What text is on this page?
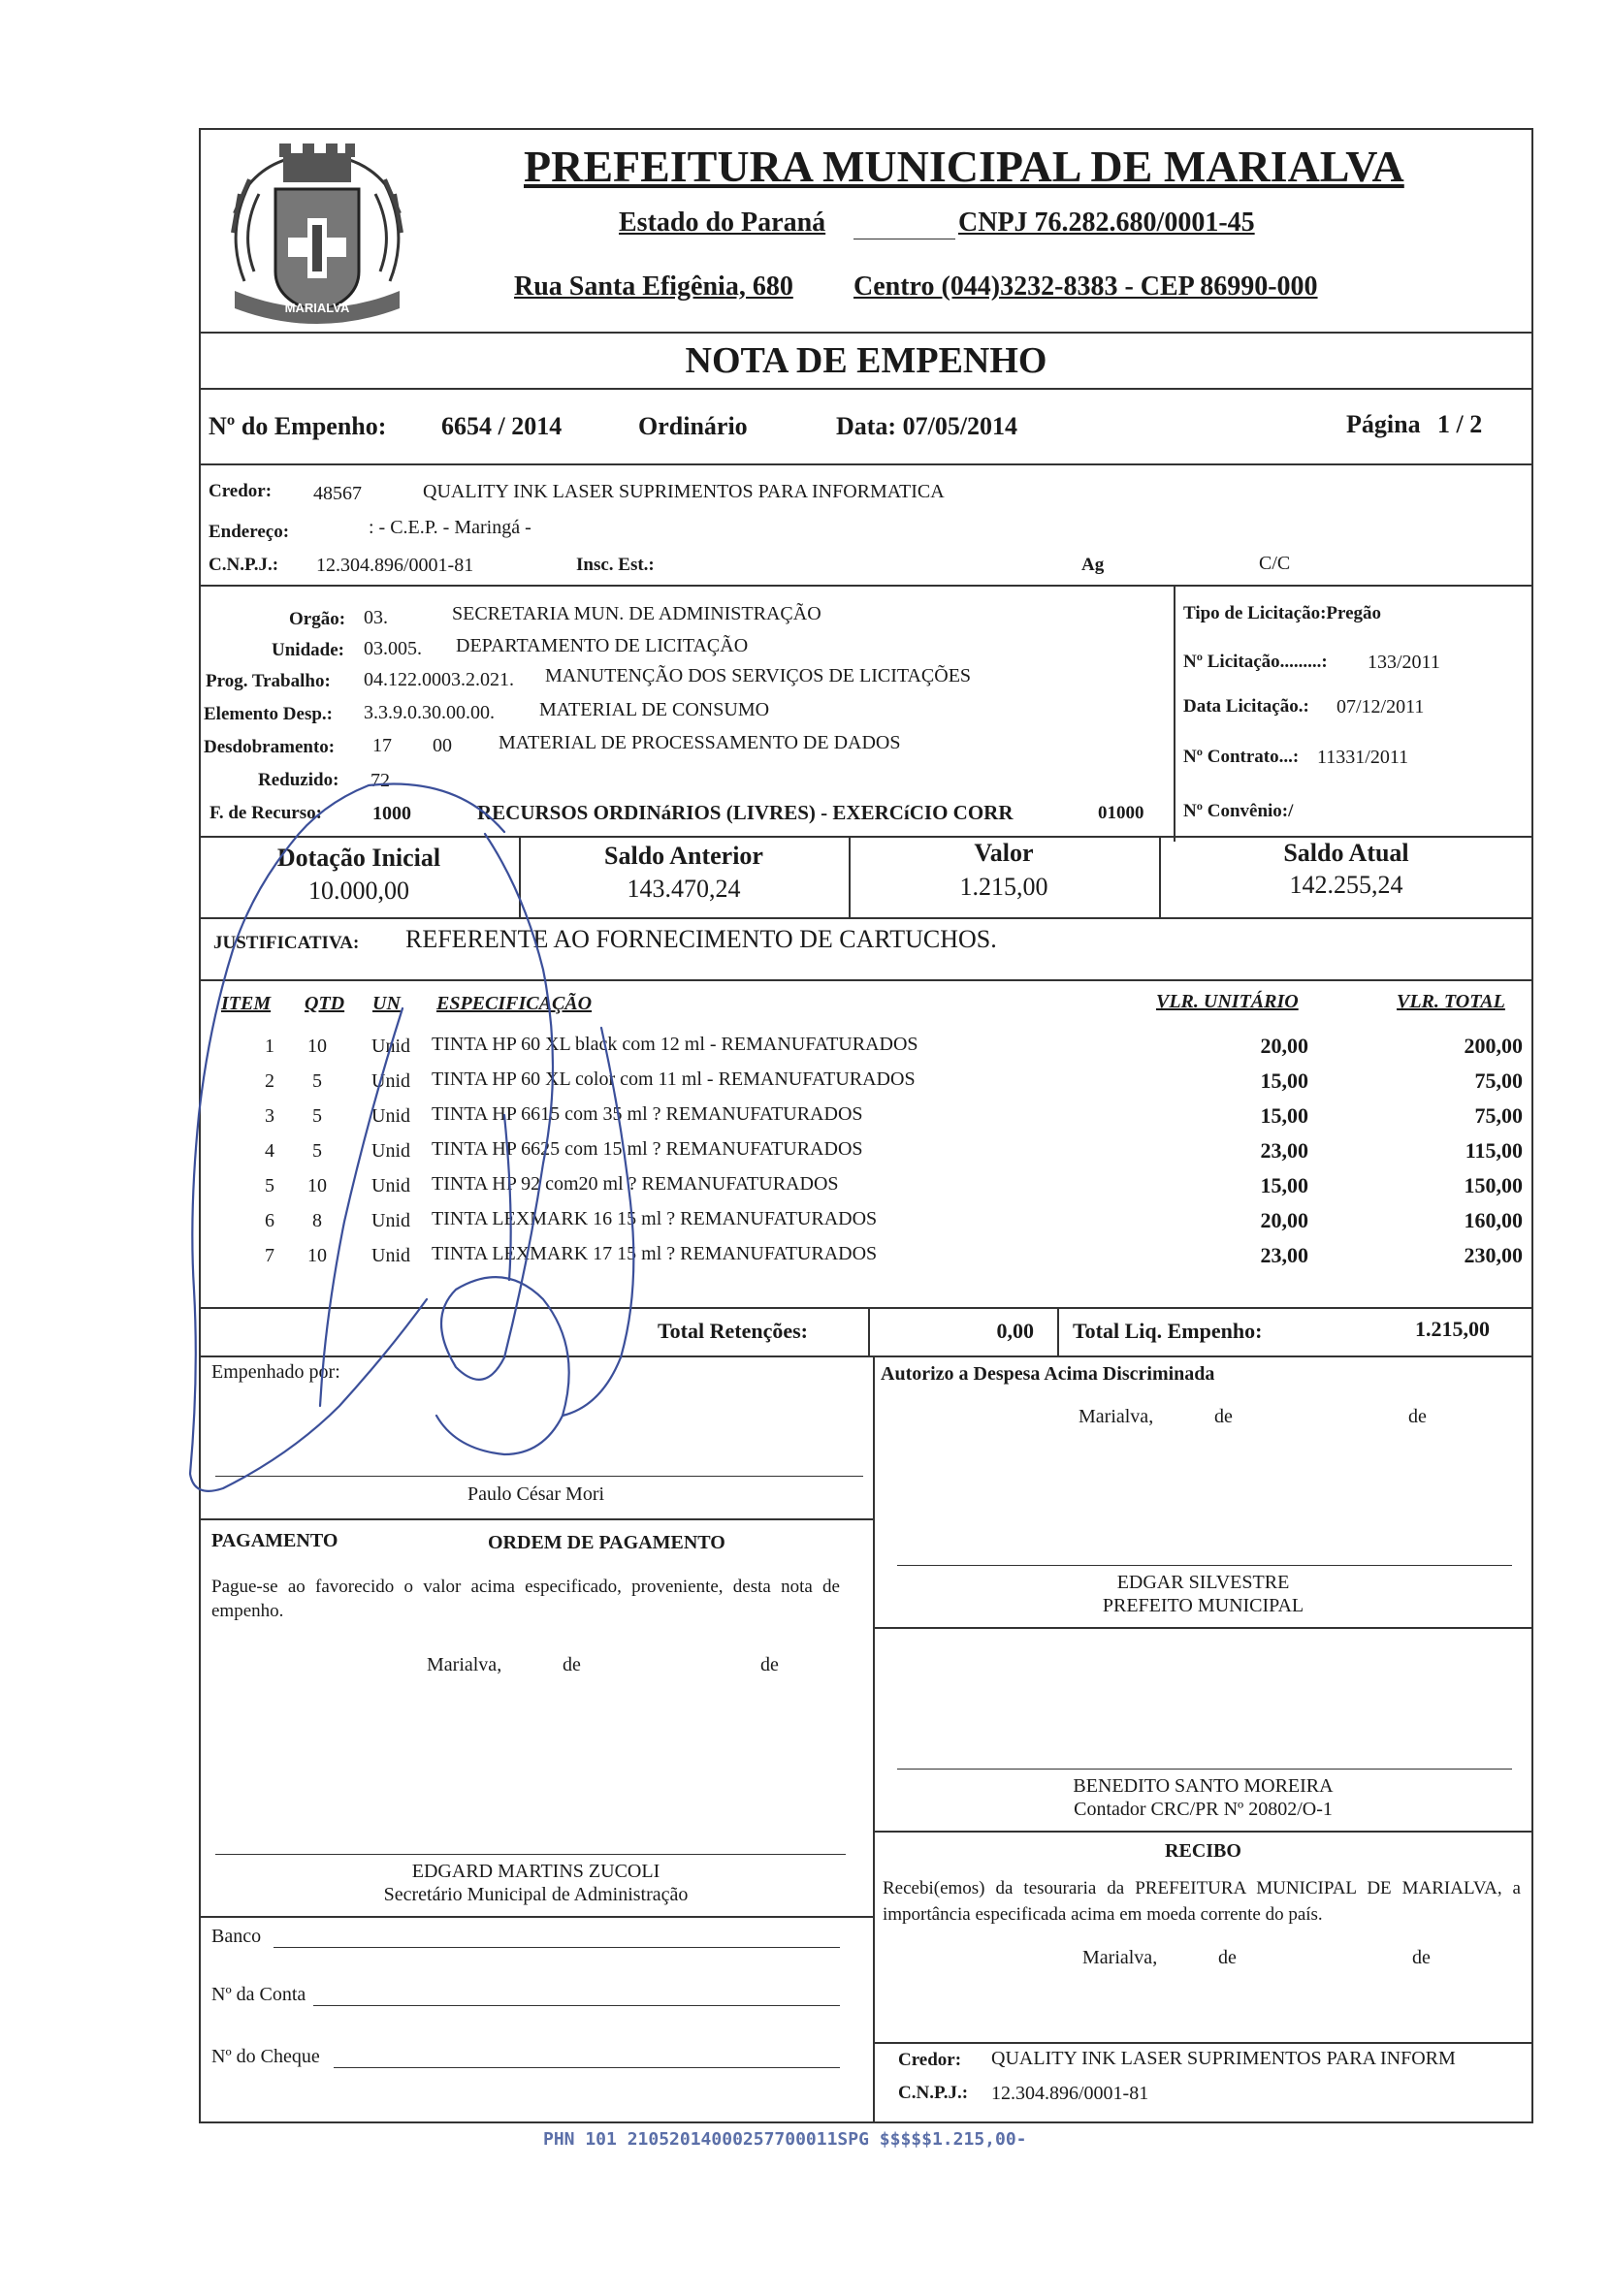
MARIALVA
PREFEITURA MUNICIPAL DE MARIALVA
Estado do Paraná	CNPJ 76.282.680/0001-45
Rua Santa Efigênia, 680 Centro (044)3232-8383 - CEP 86990-000
NOTA DE EMPENHO
Nº do Empenho: 6654 / 2014	Ordinário	Data: 07/05/2014	Página 1 / 2
Credor: 48567	QUALITY INK LASER SUPRIMENTOS PARA INFORMATICA
Endereço:	: - C.E.P. - Maringá -
C.N.P.J.: 12.304.896/0001-81	Insc. Est.:	Ag	C/C
Orgão: 03.	SECRETARIA MUN. DE ADMINISTRAÇÃO
Unidade: 03.005. DEPARTAMENTO DE LICITAÇÃO
Prog. Trabalho: 04.122.0003.2.021. MANUTENÇÃO DOS SERVIÇOS DE LICITAÇÕES
Elemento Desp.: 3.3.9.0.30.00.00. MATERIAL DE CONSUMO
Desdobramento: 17 00 MATERIAL DE PROCESSAMENTO DE DADOS
Reduzido: 72
F. de Recurso:	1000	RECURSOS ORDINáRIOS (LIVRES) - EXERCíCIO CORR	01000
Tipo de Licitação:Pregão
Nº Licitação.........: 133/2011
Data Licitação.: 07/12/2011
Nº Contrato...: 11331/2011
Nº Convênio:/
Dotação Inicial
10.000,00
Saldo Anterior
143.470,24
Valor
1.215,00
Saldo Atual
142.255,24
JUSTIFICATIVA: REFERENTE AO FORNECIMENTO DE CARTUCHOS.
ITEM QTD UN ESPECIFICAÇÃO	VLR. UNITÁRIO	VLR. TOTAL
1 10 Unid TINTA HP 60 XL black com 12 ml - REMANUFATURADOS	20,00	200,00
2 5	Unid TINTA HP 60 XL color com 11 ml - REMANUFATURADOS	15,00	75,00
3 5	Unid TINTA HP 6615 com 35 ml ? REMANUFATURADOS	15,00	75,00
4 5	Unid TINTA HP 6625 com 15 ml ? REMANUFATURADOS	23,00	115,00
5 10 Unid TINTA HP 92 com20 ml ? REMANUFATURADOS	15,00	150,00
6 8	Unid TINTA LEXMARK 16 15 ml ? REMANUFATURADOS	20,00	160,00
7 10 Unid TINTA LEXMARK 17 15 ml ? REMANUFATURADOS	23,00	230,00
Total Retenções:	0,00 Total Liq. Empenho:	1.215,00
Empenhado por:
Paulo César Mori
Autorizo a Despesa Acima Discriminada
Marialva,	de	de
EDGAR SILVESTRE
PREFEITO MUNICIPAL
PAGAMENTO	ORDEM DE PAGAMENTO
Pague-se ao favorecido o valor acima especificado, proveniente, desta nota de empenho.
Marialva,	de	de
EDGARD MARTINS ZUCOLI
Secretário Municipal de Administração
BENEDITO SANTO MOREIRA
Contador CRC/PR Nº 20802/O-1
RECIBO
Recebi(emos) da tesouraria da PREFEITURA MUNICIPAL DE MARIALVA, a importância especificada acima em moeda corrente do país.
Marialva,	de	de
Credor: QUALITY INK LASER SUPRIMENTOS PARA INFORM
C.N.P.J.: 12.304.896/0001-81
Banco
Nº da Conta
Nº do Cheque
PHN 101 21052014000257700011SPG $$$$$1.215,00-
